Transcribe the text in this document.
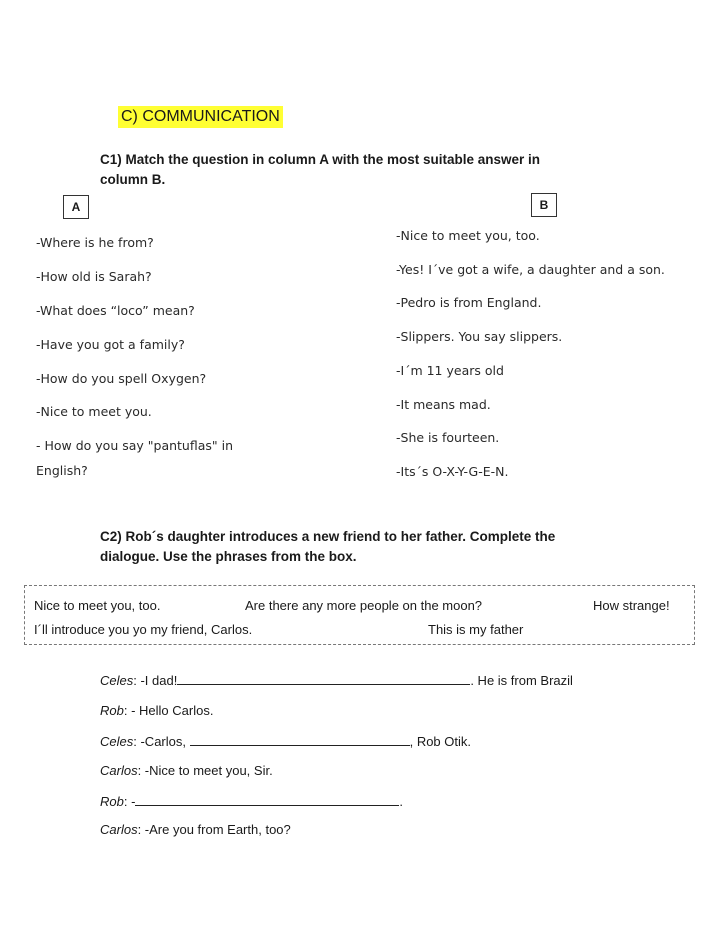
C) COMMUNICATION
C1) Match the question in column A with the most suitable answer in
column B.
A	B
-Where is he from?
-How old is Sarah?
-What does “loco” mean?
-Have you got a family?
-How do you spell Oxygen?
-Nice to meet you.
- How do you say "pantuflas" in
English?
-Nice to meet you, too.
-Yes! I´ve got a wife, a daughter and a son.
-Pedro is from England.
-Slippers. You say slippers.
-I´m 11 years old
-It means mad.
-She is fourteen.
-Its´s O-X-Y-G-E-N.
C2) Rob´s daughter introduces a new friend to her father. Complete the
dialogue. Use the phrases from the box.
Nice to meet you, too.	Are there any more people on the moon?	How strange!
I´ll introduce you yo my friend, Carlos.	This is my father
Celes: -I dad!	. He is from Brazil
Rob: - Hello Carlos.
Celes: -Carlos,	, Rob Otik.
Carlos: -Nice to meet you, Sir.
Rob: -	.
Carlos: -Are you from Earth, too?
